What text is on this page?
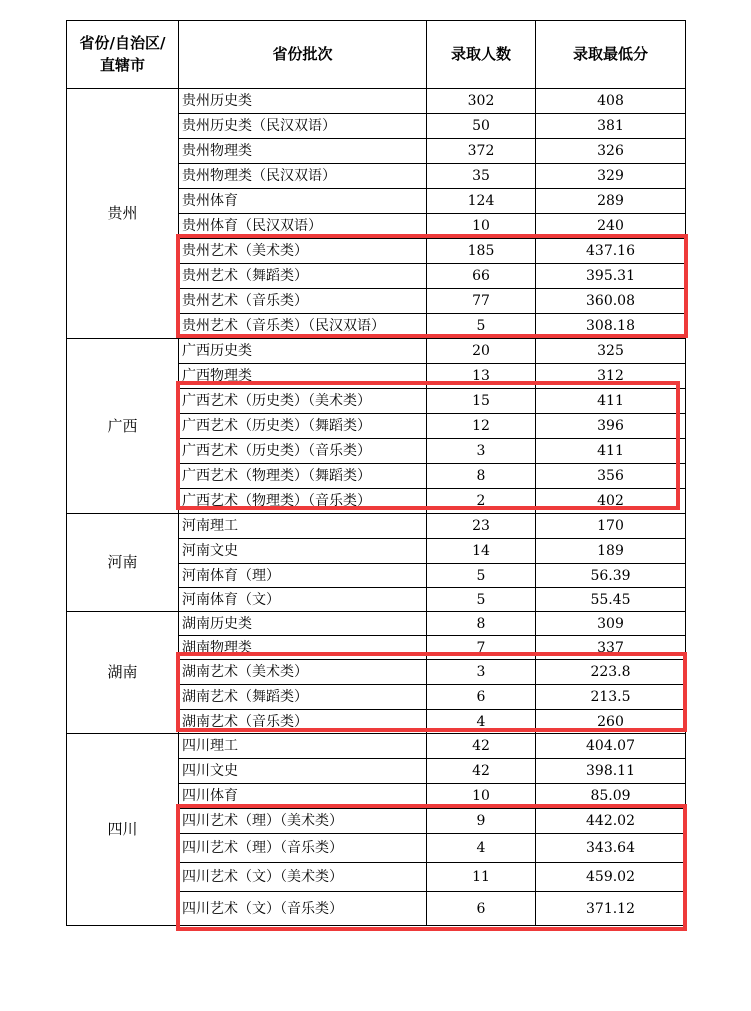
省份/自治区/
直辖市	省份批次	录取人数	录取最低分
贵州	贵州历史类	302	408
	贵州历史类（民汉双语）	50	381
	贵州物理类	372	326
	贵州物理类（民汉双语）	35	329
	贵州体育	124	289
	贵州体育（民汉双语）	10	240
	贵州艺术（美术类）	185	437.16
	贵州艺术（舞蹈类）	66	395.31
	贵州艺术（音乐类）	77	360.08
	贵州艺术（音乐类）（民汉双语）	5	308.18
广西	广西历史类	20	325
	广西物理类	13	312
	广西艺术（历史类）（美术类）	15	411
	广西艺术（历史类）（舞蹈类）	12	396
	广西艺术（历史类）（音乐类）	3	411
	广西艺术（物理类）（舞蹈类）	8	356
	广西艺术（物理类）（音乐类）	2	402
河南	河南理工	23	170
	河南文史	14	189
	河南体育（理）	5	56.39
	河南体育（文）	5	55.45
湖南	湖南历史类	8	309
	湖南物理类	7	337
	湖南艺术（美术类）	3	223.8
	湖南艺术（舞蹈类）	6	213.5
	湖南艺术（音乐类）	4	260
四川	四川理工	42	404.07
	四川文史	42	398.11
	四川体育	10	85.09
	四川艺术（理）（美术类）	9	442.02
	四川艺术（理）（音乐类）	4	343.64
	四川艺术（文）（美术类）	11	459.02
	四川艺术（文）（音乐类）	6	371.12
